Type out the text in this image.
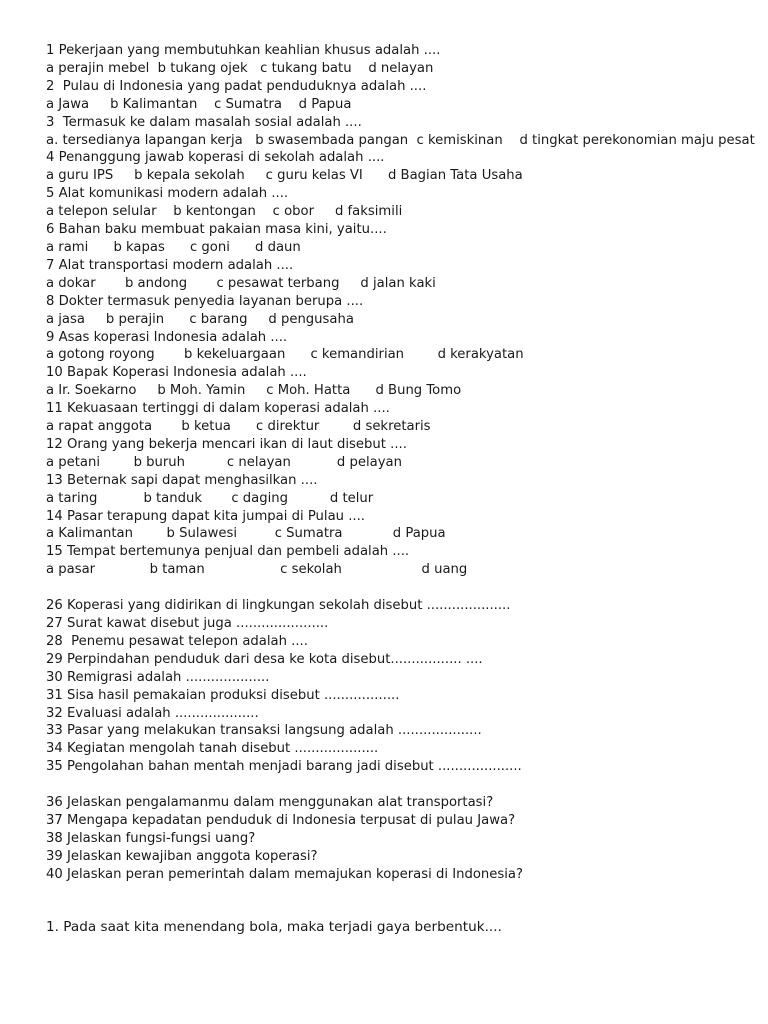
1 Pekerjaan yang membutuhkan keahlian khusus adalah ....

a perajin mebel  b tukang ojek   c tukang batu    d nelayan

2  Pulau di Indonesia yang padat penduduknya adalah ....

a Jawa     b Kalimantan    c Sumatra    d Papua

3  Termasuk ke dalam masalah sosial adalah ....

a. tersedianya lapangan kerja   b swasembada pangan  c kemiskinan    d tingkat perekonomian maju pesat

4 Penanggung jawab koperasi di sekolah adalah ....

a guru IPS     b kepala sekolah     c guru kelas VI      d Bagian Tata Usaha

5 Alat komunikasi modern adalah ....

a telepon selular    b kentongan    c obor     d faksimili

6 Bahan baku membuat pakaian masa kini, yaitu....

a rami      b kapas      c goni      d daun

7 Alat transportasi modern adalah ....

a dokar       b andong       c pesawat terbang     d jalan kaki

8 Dokter termasuk penyedia layanan berupa ....

a jasa     b perajin      c barang     d pengusaha

9 Asas koperasi Indonesia adalah ....

a gotong royong       b kekeluargaan      c kemandirian        d kerakyatan

10 Bapak Koperasi Indonesia adalah ....

a Ir. Soekarno     b Moh. Yamin     c Moh. Hatta      d Bung Tomo

11 Kekuasaan tertinggi di dalam koperasi adalah ....

a rapat anggota       b ketua      c direktur        d sekretaris

12 Orang yang bekerja mencari ikan di laut disebut ....

a petani        b buruh          c nelayan           d pelayan

13 Beternak sapi dapat menghasilkan ....

a taring           b tanduk       c daging          d telur

14 Pasar terapung dapat kita jumpai di Pulau ....

a Kalimantan        b Sulawesi         c Sumatra            d Papua

15 Tempat bertemunya penjual dan pembeli adalah ....

a pasar             b taman                  c sekolah                   d uang

26 Koperasi yang didirikan di lingkungan sekolah disebut ....................

27 Surat kawat disebut juga ......................

28  Penemu pesawat telepon adalah ....

29 Perpindahan penduduk dari desa ke kota disebut................. ....

30 Remigrasi adalah ....................

31 Sisa hasil pemakaian produksi disebut ..................

32 Evaluasi adalah ....................

33 Pasar yang melakukan transaksi langsung adalah ....................

34 Kegiatan mengolah tanah disebut ....................

35 Pengolahan bahan mentah menjadi barang jadi disebut ....................

36 Jelaskan pengalamanmu dalam menggunakan alat transportasi?

37 Mengapa kepadatan penduduk di Indonesia terpusat di pulau Jawa?

38 Jelaskan fungsi-fungsi uang?

39 Jelaskan kewajiban anggota koperasi?

40 Jelaskan peran pemerintah dalam memajukan koperasi di Indonesia?

1. Pada saat kita menendang bola, maka terjadi gaya berbentuk....
